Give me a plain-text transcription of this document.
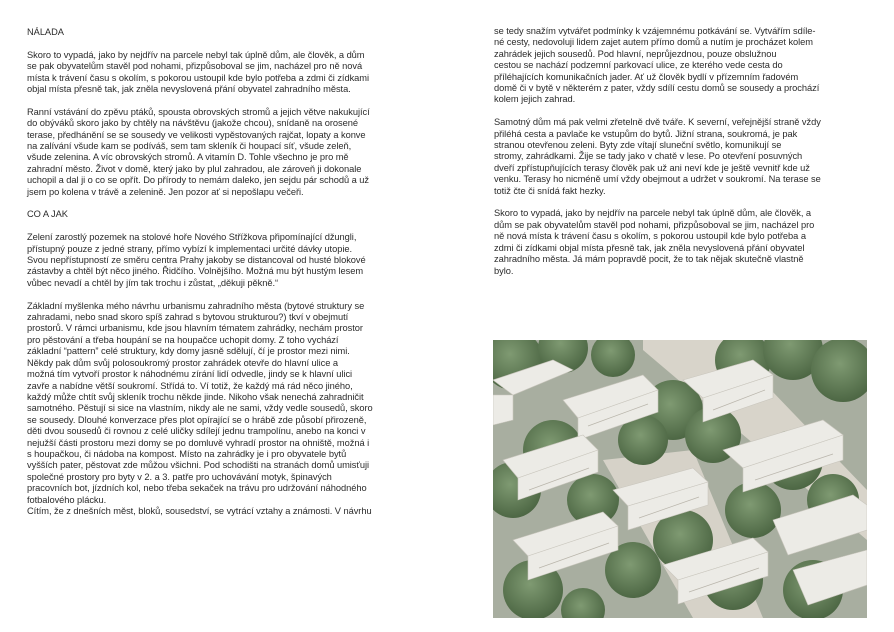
NÁLADA

Skoro to vypadá, jako by nejdřív na parcele nebyl tak úplně dům, ale člověk, a dům
se pak obyvatelům stavěl pod nohami, přizpůsoboval se jim, nacházel pro ně nová
místa k trávení času s okolím, s pokorou ustoupil kde bylo potřeba a zdmi či zídkami
objal místa přesně tak, jak zněla nevyslovená přání obyvatel zahradního města.

Ranní vstávání do zpěvu ptáků, spousta obrovských stromů a jejich větve nakukující
do obýváků skoro jako by chtěly na návštěvu (jakože chcou), snídaně na orosené
terase, předhánění se se sousedy ve velikosti vypěstovaných rajčat, lopaty a konve
na zalívání všude kam se podíváš, sem tam skleník či houpací síť, všude zeleň,
všude zelenina. A víc obrovských stromů. A vitamín D. Tohle všechno je pro mě
zahradní město. Život v domě, který jako by plul zahradou, ale zároveň ji dokonale
uchopil a dal ji o co se opřít. Do přírody to nemám daleko, jen sejdu pár schodů a už
jsem po kolena v trávě a zelenině. Jen pozor ať si nepošlapu večeři.

CO A JAK

Zelení zarostlý pozemek na stolové hoře Nového Střížkova připomínající džungli,
přístupný pouze z jedné strany, přímo vybízí k implementaci určité dávky utopie.
Svou nepřístupností ze směru centra Prahy jakoby se distancoval od husté blokové
zástavby a chtěl být něco jiného. Řidčího. Volnějšího. Možná mu být hustým lesem
vůbec nevadí a chtěl by jím tak trochu i zůstat, „děkuji pěkně.“

Základní myšlenka mého návrhu urbanismu zahradního města (bytové struktury se
zahradami, nebo snad skoro spíš zahrad s bytovou strukturou?) tkví v obejmutí
prostorů. V rámci urbanismu, kde jsou hlavním tématem zahrádky, nechám prostor
pro pěstování a třeba houpání se na houpačce uchopit domy. Z toho vychází
základní “pattern” celé struktury, kdy domy jasně sdělují, čí je prostor mezi nimi.
Někdy pak dům svůj polosoukromý prostor zahrádek otevře do hlavní ulice a
možná tím vytvoří prostor k náhodnému zírání lidí odvedle, jindy se k hlavní ulici
zavře a nabídne větší soukromí. Střídá to. Ví totiž, že každý má rád něco jiného,
každý může chtít svůj skleník trochu někde jinde. Nikoho však nenechá zahradničit
samotného. Pěstují si sice na vlastním, nikdy ale ne sami, vždy vedle sousedů, skoro
se sousedy. Dlouhé konverzace přes plot opírající se o hrábě zde působí přirozeně,
děti dvou sousedů či rovnou z celé uličky sdílejí jednu trampolínu, anebo na konci v
nejužší části prostoru mezi domy se po domluvě vyhradí prostor na ohniště, možná i
s houpačkou, či nádoba na kompost. Místo na zahrádky je i pro obyvatele bytů
vyšších pater, pěstovat zde můžou všichni. Pod schodišti na stranách domů umisťuji
společné prostory pro byty v 2. a 3. patře pro uchovávání motyk, špinavých
pracovních bot, jízdních kol, nebo třeba sekaček na trávu pro udržování náhodného
fotbalového plácku.
Cítím, že z dnešních měst, bloků, sousedství, se vytrácí vztahy a známosti. V návrhu

se tedy snažím vytvářet podmínky k vzájemnému potkávání se. Vytvářím sdíle-
né cesty, nedovoluji lidem zajet autem přímo domů a nutím je procházet kolem
zahrádek jejich sousedů. Pod hlavní, neprůjezdnou, pouze obslužnou
cestou se nachází podzemní parkovací ulice, ze kterého vede cesta do
příléhajících komunikačních jader. Ať už člověk bydlí v přízemním řadovém
domě či v bytě v některém z pater, vždy sdílí cestu domů se sousedy a prochází
kolem jejich zahrad.

Samotný dům má pak velmi zřetelně dvě tváře. K severní, veřejnější straně vždy
přiléhá cesta a pavlače ke vstupům do bytů. Jižní strana, soukromá, je pak
stranou otevřenou zeleni. Byty zde vítají sluneční světlo, komunikují se
stromy, zahrádkami. Žije se tady jako v chatě v lese. Po otevření posuvných
dveří zpřístupňujících terasy člověk pak už ani neví kde je ještě vevnitř kde už
venku. Terasy ho nicméně umí vždy obejmout a udržet v soukromí. Na terase se
totiž čte či snídá fakt hezky.

Skoro to vypadá, jako by nejdřív na parcele nebyl tak úplně dům, ale člověk, a
dům se pak obyvatelům stavěl pod nohami, přizpůsoboval se jim, nacházel pro
ně nová místa k trávení času s okolím, s pokorou ustoupil kde bylo potřeba a
zdmi či zídkami objal místa přesně tak, jak zněla nevyslovená přání obyvatel
zahradního města. Já mám popravdě pocit, že to tak nějak skutečně vlastně
bylo.
